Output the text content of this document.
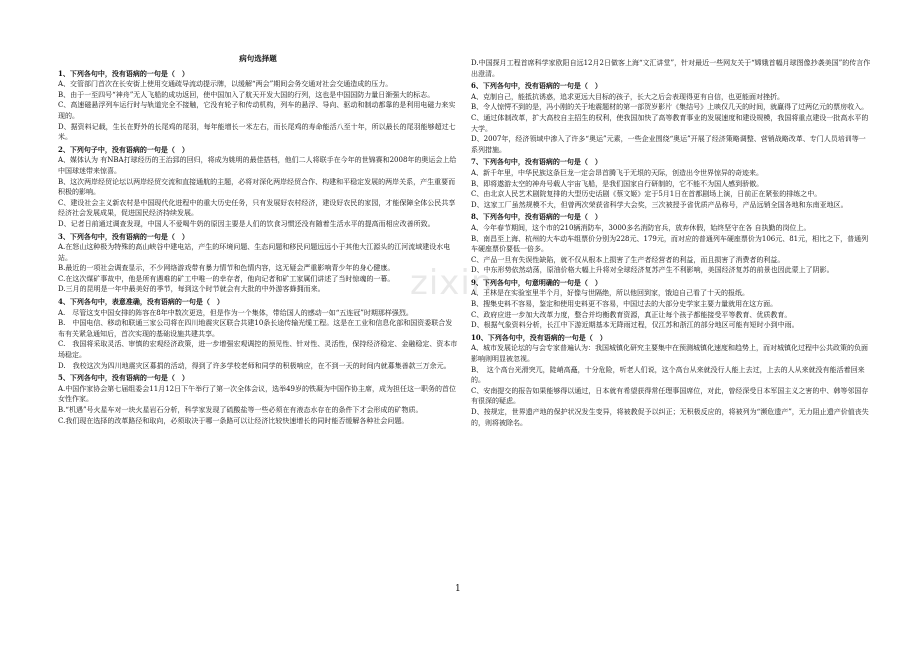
zixin
病句选择题
1、下列各句中，没有语病的一句是（　）
A、交管部门首次在长安街上使用交通疏导流动提示牌，以缓解“两会”期间会务交通对社会交通造成的压力。
B、由于一至四号“神舟”无人飞船的成功返回，使中国加入了航天开发大国的行列，这也是中国国防力量日渐强大的标志。
C、高速磁悬浮列车运行时与轨道完全不接触，它没有轮子和传动机构，列车的悬浮、导向、驱动和制动都靠的是利用电磁力来实现的。
D、据资料记载，生长在野外的长尾鸡的尾羽，每年能增长一米左右，而长尾鸡的寿命能活八至十年，所以最长的尾羽能够超过七米。
2、下列句子中，没有语病的一句是（　）
A、媒体认为 有NBA打球经历的王治郅的回归，将成为姚明的最佳搭档，他们二人将联手在今年的世锦赛和2008年的奥运会上给中国球迷带来惊喜。
B、这次两岸经贸论坛以两岸经贸交流和直接通航的主题，必将对深化两岸经贸合作、构建和平稳定发展的两岸关系，产生重要而积极的影响。
C、建设社会主义新农村是中国现代化进程中的重大历史任务，只有发展好农村经济，建设好农民的家园，才能保障全体公民共享经济社会发展成果，促进国民经济持续发展。
D、记者日前通过调查发现，中国人不爱喝牛奶的原因主要是人们的饮食习惯还没有随着生活水平的提高而相应改善所致。
3、下列各句中，没有语病的一句是（　）
A.在怒山这种极为特殊的高山峡谷中建电站，产生的环境问题、生态问题和移民问题远远小于其他大江源头的江河流域建设水电站。
B.最近的一项社会调查显示，不少网络游戏带有暴力情节和色情内容，这无疑会严重影响青少年的身心健康。
C.在这次煤矿事故中，他是所有遇难的矿工中唯一的幸存者，他向记者和矿工家属们讲述了当时惊魂的一幕。
D.三月的昆明是一年中最美好的季节，每到这个时节就会有大批的中外游客蜂拥而来。
4、下列各句中，表意准确，没有语病的一句是（　）
A.　尽管这支中国女排的阵容在8年中数次更迭，但是作为一个集体，带给国人的感动一如“五连冠”时期那样强烈。
B.　中国电信、移动和联通三家公司将在四川地震灾区联合共建10条长途传输光缆工程。这是在工业和信息化部和国资委联合发布有关紧急通知后，首次实现的基础设施共建共享。
C.　我国将采取灵活、审慎的宏观经济政策，进一步增强宏观调控的预见性、针对性、灵活性，保持经济稳定、金融稳定、资本市场稳定。
D.　我校这次为四川地震灾区募捐的活动，得到了许多学校老师和同学的积极响应，在不到一天的时间内就募集善款三万余元。
5、下列各句中，没有语病的一句是（　）
A.中国作家协会第七届组委会11月12日下午举行了第一次全体会议，选举49岁的铁凝为中国作协主席，成为担任这一职务的首位女性作家。
B.“机遇”号火星车对一块火星岩石分析，科学家发现了硫酸盐等一些必须在有液态水存在的条件下才会形成的矿物质。
C.我们现在选择的改革路径和取向，必须取决于哪一条路可以让经济比较快速增长的同时能否缓解各种社会问题。
D.中国探月工程首席科学家欧阳自远12月2日做客上海“文汇讲堂”，针对最近一些网友关于“嫦娥首幅月球图像抄袭美国”的传言作出澄清。
6、下列各句中，没有语病的一句是（　）
A、克制自己，能抵抗诱惑，追求更远大目标的孩子，长大之后会表现得更有自信，也更能面对挫折。
B、令人惊愕不到的是，冯小刚的关于地震题材的第一部贺岁影片《集结号》上映仅几天的时间，就赢得了过两亿元的票房收入。
C、通过体制改革，扩大高校自主招生的权利，使我国加快了高等教育事业的发展速度和建设规模，我国将重点建设一批高水平的大学。
D、2007年，经济领域中渗入了许多“奥运”元素，一些企业围绕“奥运”开展了经济策略调整、营销战略改革、专门人员培训等一系列措施。
7、下列各句中，没有语病的一句是（　）
A、新千年里，中华民族这条巨龙一定会昂首腾飞于无垠的天际，创造出令世界惊异的奇迹来。
B、即将遨游太空的神舟号载人宇宙飞船，是我们国家自行研制的，它不能不为国人感到骄傲。
C、由北京人民艺术剧院复排的大型历史话剧《蔡文姬》定于5月1日在首都剧场上演，日前正在紧张的排练之中。
D、这家工厂虽然规模不大，但曾两次荣获省科学大会奖，三次被授予省优质产品称号，产品远销全国各地和东南亚地区。
8、下列各句中，没有语病的一句是（　）
A、今年春节期间，这个市的210辆消防车，3000多名消防官兵，放弃休假，始终坚守在各 自执勤的岗位上。
B、南昌至上海、杭州的大车动车组票价分别为228元、179元，而对应的普通列车硬座票价为106元、81元，相比之下，普通列车硬座票价要低一倍多。
C、产品一旦有失误性缺陷，就不仅从根本上损害了生产者经营者的利益，而且损害了消费者的利益。
D、中东形势依然动荡，原油价格大幅上升将对全球经济复苏产生不利影响，美国经济复苏的前景也因此蒙上了阴影。
9、下列各句中，句意明确的一句是（　）
A、王林是在实验室里半个月，好像与世隔绝，所以他回到家，饿迫自己看了十天的报纸。
B、搜集史料不容易，鉴定和使用史料更不容易，中国过去的大部分史学家主要力量就用在这方面。
C、政府应进一步加大改革力度，整合并均衡教育资源，真正让每个孩子都能接受平等教育、优质教育。
D、根据气象资料分析，长江中下游近期基本无降雨过程，仅江苏和浙江的部分地区可能有短时小到中雨。
10、下列各句中，没有语病的一句是（　）
A、城市发展论坛的与会专家普遍认为：我国城镇化研究主要集中在预测城镇化速度和趋势上，而对城镇化过程中公共政策的负面影响则明显被忽视。
B、　这个高台光滑突兀，陡峭高矗，十分危险，听老人们说，这个高台从来就没行人能上去过，上去的人从来就没有能活着回来的。
C、安南提交的报告如果能够得以通过，日本就有希望获得常任理事国席位，对此，曾经深受日本军国主义之害的中、韩等邻国存有很深的疑虑。
D、按规定，世界遗产地的保护状况发生变异，将被教促予以纠正；无积极反应的，将被列为“濒危遗产”，无力阻止遗产价值丧失的，则将被除名。
1
